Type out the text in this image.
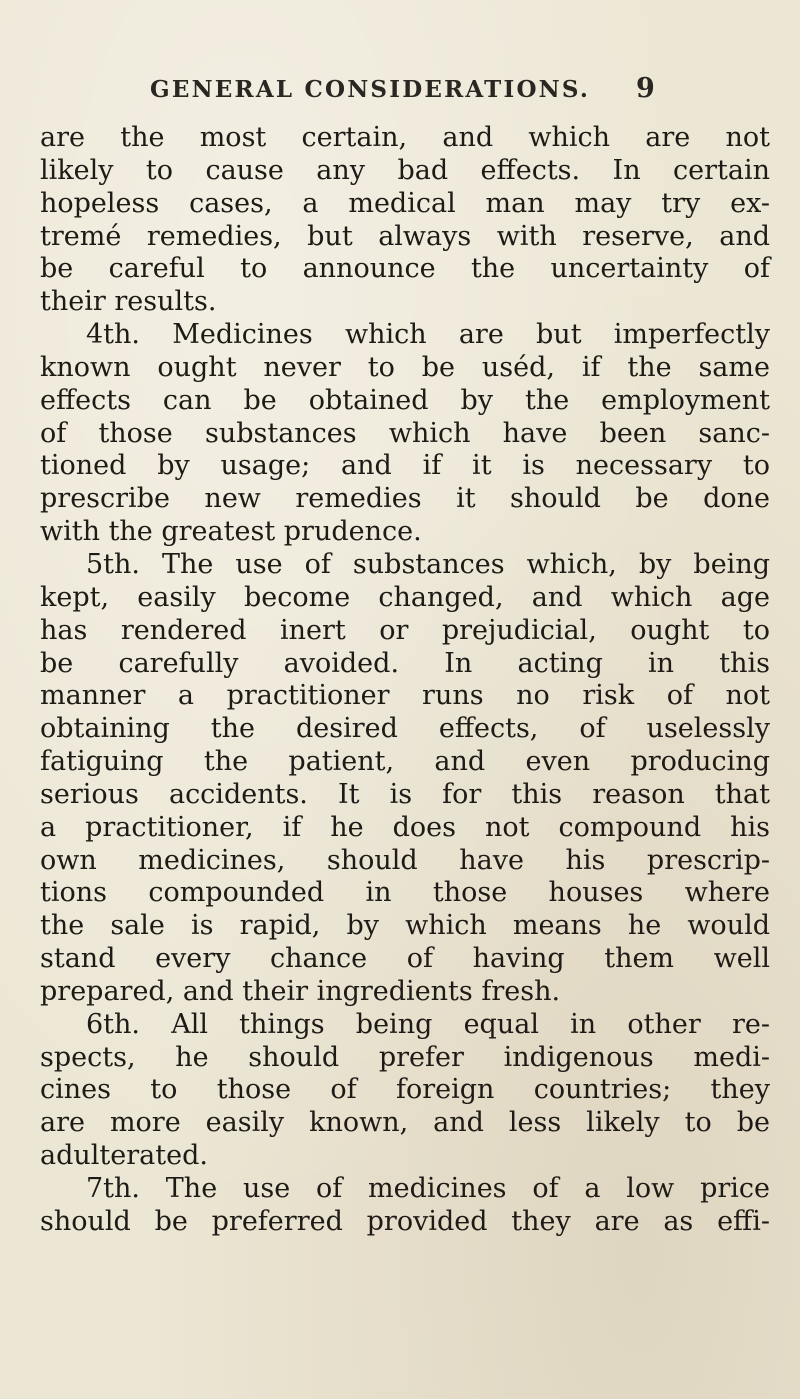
GENERAL CONSIDERATIONS.	9
are the most certain, and which are not
likely to cause any bad effects. In certain
hopeless cases, a medical man may try ex-
tremé remedies, but always with reserve, and
be careful to announce the uncertainty of
their results.
4th. Medicines which are but imperfectly
known ought never to be uséd, if the same
effects can be obtained by the employment
of those substances which have been sanc-
tioned by usage; and if it is necessary to
prescribe new remedies it should be done
with the greatest prudence.
5th. The use of substances which, by being
kept, easily become changed, and which age
has rendered inert or prejudicial, ought to
be carefully avoided. In acting in this
manner a practitioner runs no risk of not
obtaining the desired effects, of uselessly
fatiguing the patient, and even producing
serious accidents. It is for this reason that
a practitioner, if he does not compound his
own medicines, should have his prescrip-
tions compounded in those houses where
the sale is rapid, by which means he would
stand every chance of having them well
prepared, and their ingredients fresh.
6th. All things being equal in other re-
spects, he should prefer indigenous medi-
cines to those of foreign countries; they
are more easily known, and less likely to be
adulterated.
7th. The use of medicines of a low price
should be preferred provided they are as effi-
